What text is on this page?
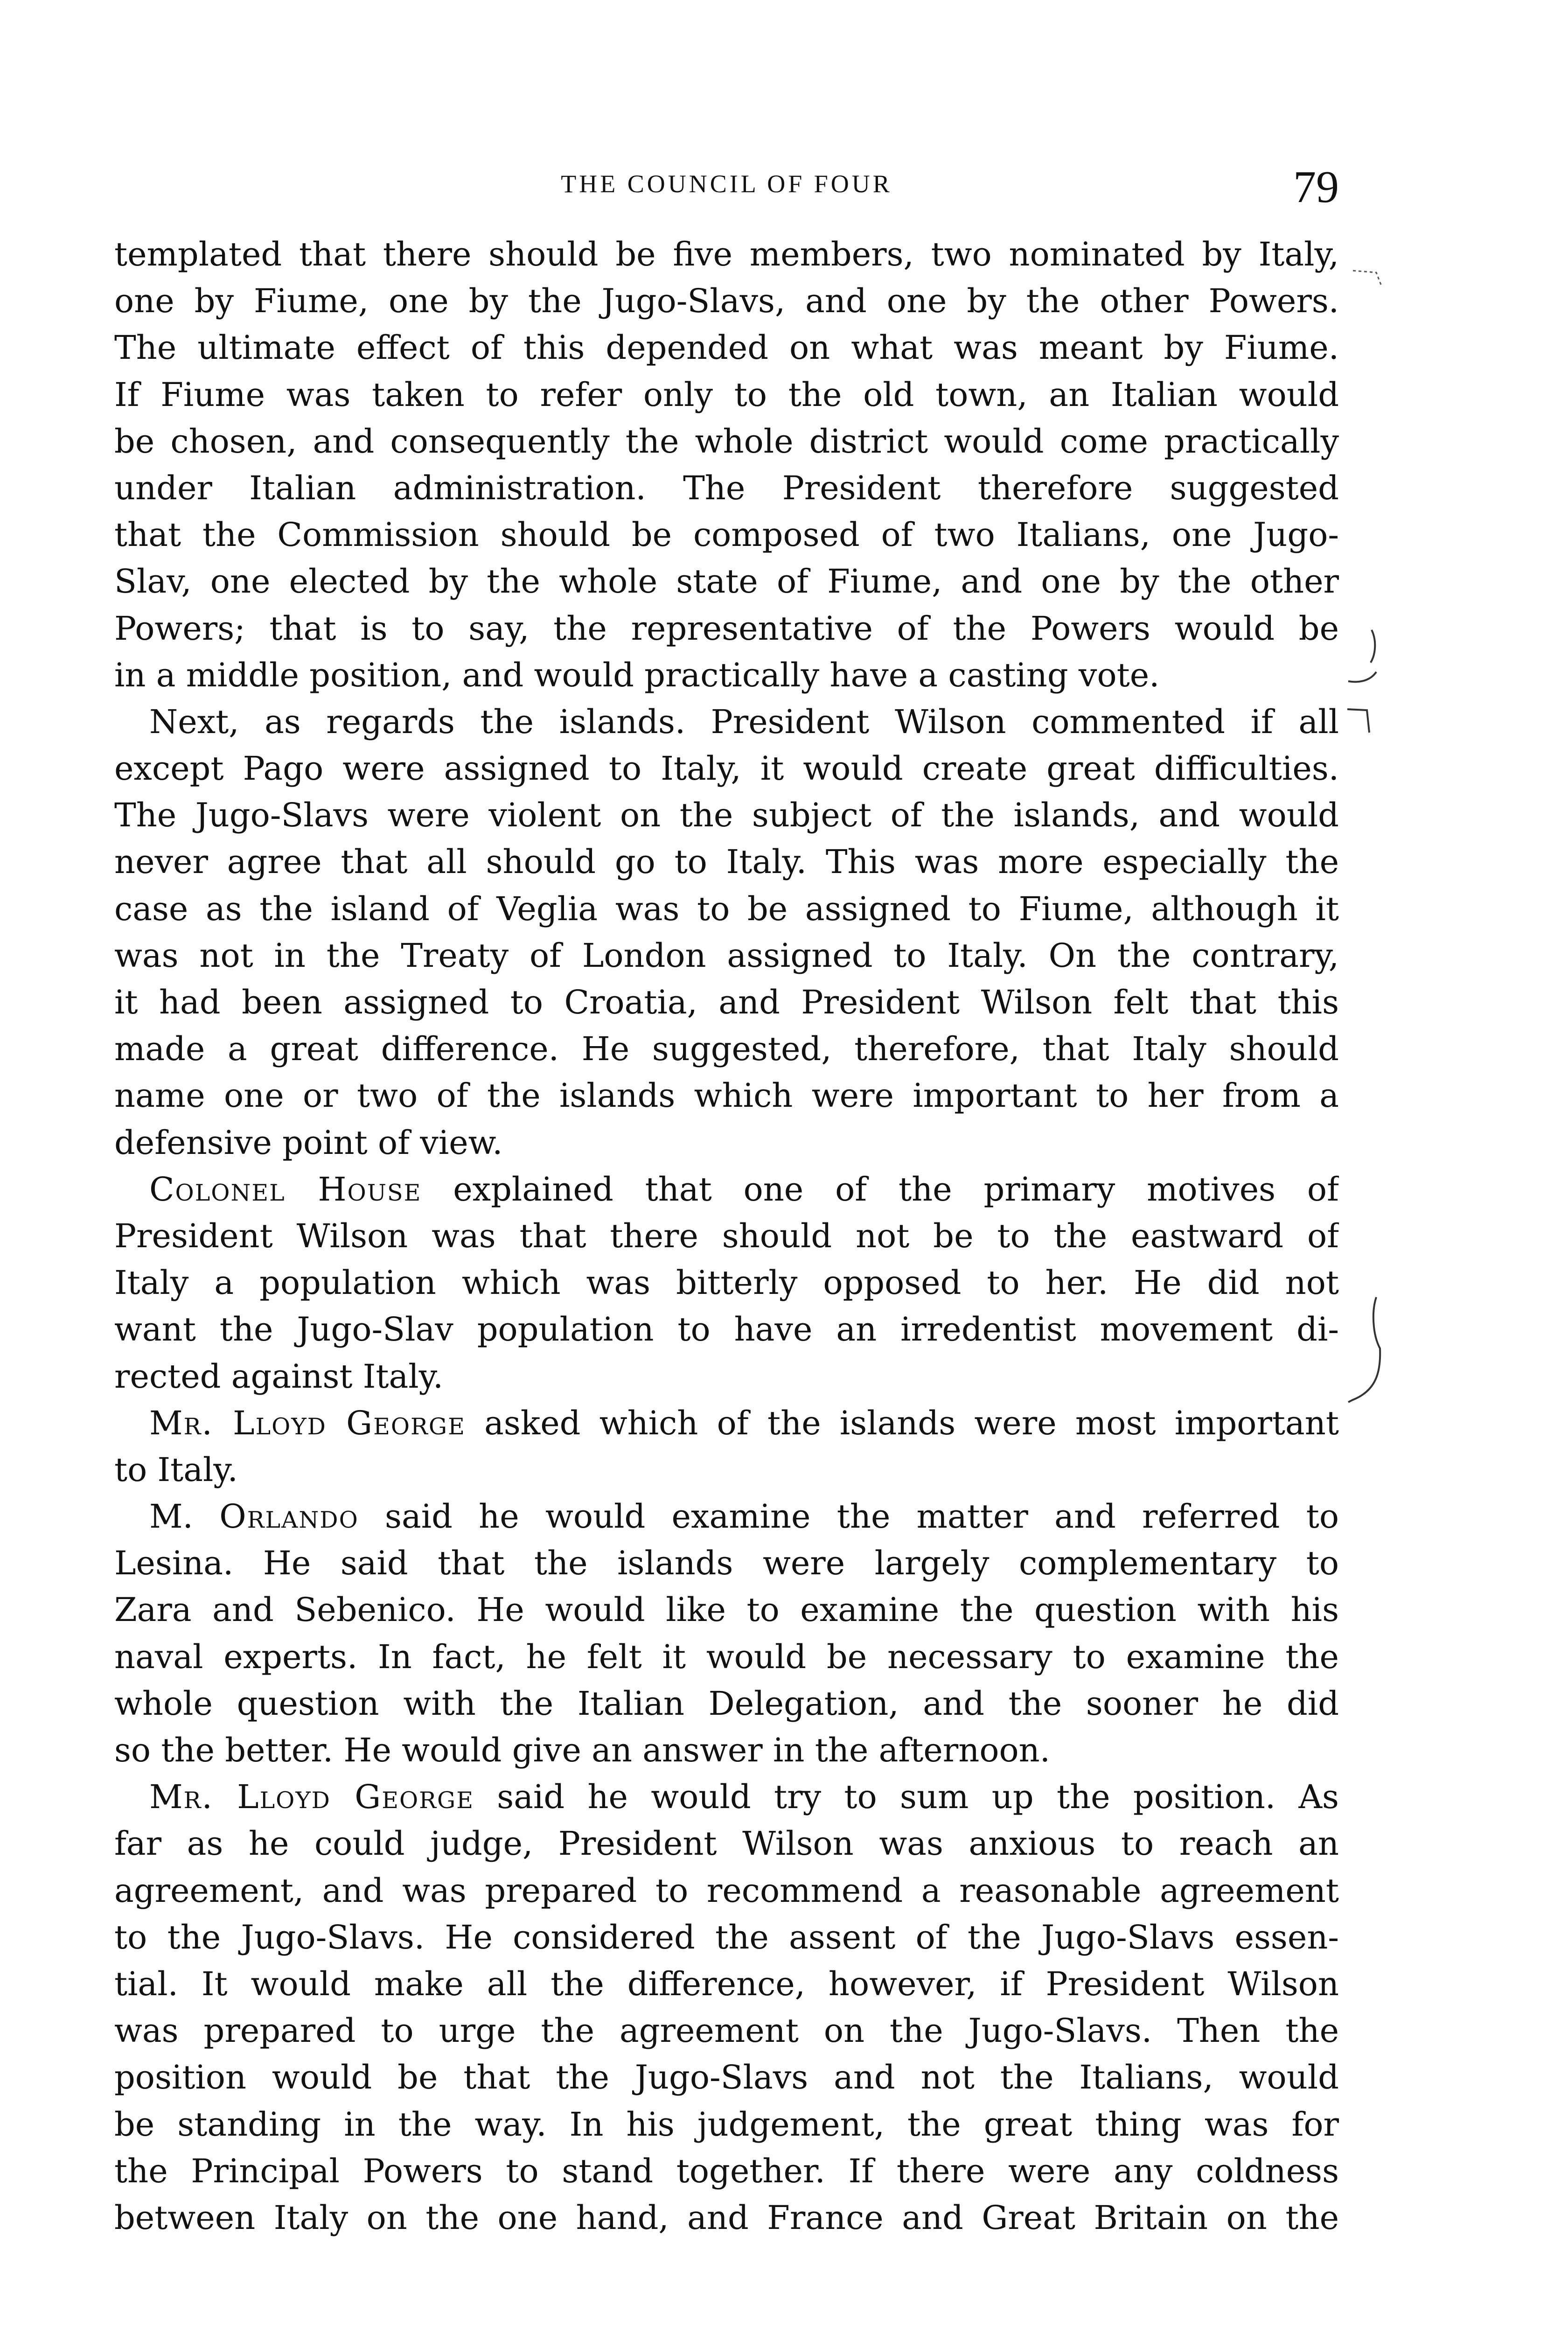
THE COUNCIL OF FOUR	79
templated that there should be five members, two nominated by Italy,
one by Fiume, one by the Jugo-Slavs, and one by the other Powers.
The ultimate effect of this depended on what was meant by Fiume.
If Fiume was taken to refer only to the old town, an Italian would
be chosen, and consequently the whole district would come practically
under Italian administration. The President therefore suggested
that the Commission should be composed of two Italians, one Jugo-
Slav, one elected by the whole state of Fiume, and one by the other
Powers; that is to say, the representative of the Powers would be
in a middle position, and would practically have a casting vote.
Next, as regards the islands. President Wilson commented if all
except Pago were assigned to Italy, it would create great difficulties.
The Jugo-Slavs were violent on the subject of the islands, and would
never agree that all should go to Italy. This was more especially the
case as the island of Veglia was to be assigned to Fiume, although it
was not in the Treaty of London assigned to Italy. On the contrary,
it had been assigned to Croatia, and President Wilson felt that this
made a great difference. He suggested, therefore, that Italy should
name one or two of the islands which were important to her from a
defensive point of view.
Colonel House explained that one of the primary motives of
President Wilson was that there should not be to the eastward of
Italy a population which was bitterly opposed to her. He did not
want the Jugo-Slav population to have an irredentist movement di-
rected against Italy.
Mr. Lloyd George asked which of the islands were most important
to Italy.
M. Orlando said he would examine the matter and referred to
Lesina. He said that the islands were largely complementary to
Zara and Sebenico. He would like to examine the question with his
naval experts. In fact, he felt it would be necessary to examine the
whole question with the Italian Delegation, and the sooner he did
so the better. He would give an answer in the afternoon.
Mr. Lloyd George said he would try to sum up the position. As
far as he could judge, President Wilson was anxious to reach an
agreement, and was prepared to recommend a reasonable agreement
to the Jugo-Slavs. He considered the assent of the Jugo-Slavs essen-
tial. It would make all the difference, however, if President Wilson
was prepared to urge the agreement on the Jugo-Slavs. Then the
position would be that the Jugo-Slavs and not the Italians, would
be standing in the way. In his judgement, the great thing was for
the Principal Powers to stand together. If there were any coldness
between Italy on the one hand, and France and Great Britain on the
